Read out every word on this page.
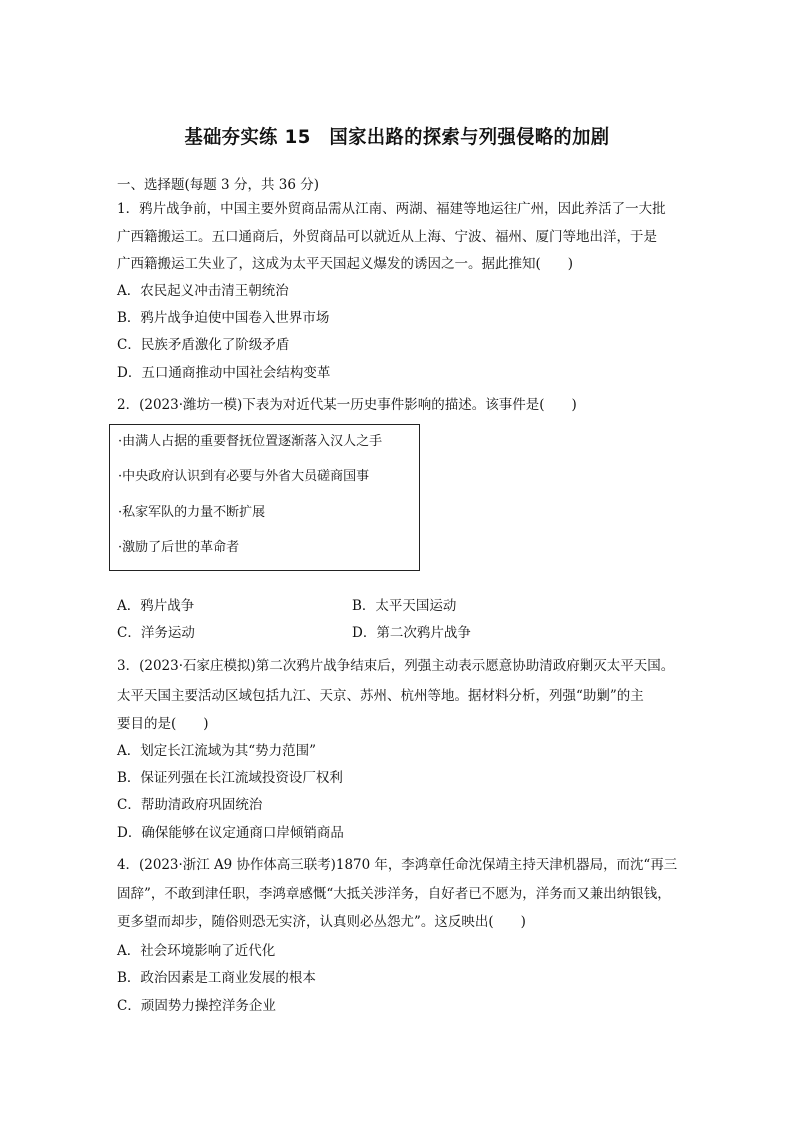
基础夯实练 15　国家出路的探索与列强侵略的加剧
一、选择题(每题 3 分，共 36 分)
1．鸦片战争前，中国主要外贸商品需从江南、两湖、福建等地运往广州，因此养活了一大批
广西籍搬运工。五口通商后，外贸商品可以就近从上海、宁波、福州、厦门等地出洋，于是
广西籍搬运工失业了，这成为太平天国起义爆发的诱因之一。据此推知(　　)
A．农民起义冲击清王朝统治
B．鸦片战争迫使中国卷入世界市场
C．民族矛盾激化了阶级矛盾
D．五口通商推动中国社会结构变革
2．(2023·潍坊一模)下表为对近代某一历史事件影响的描述。该事件是(　　)
·由满人占据的重要督抚位置逐渐落入汉人之手
·中央政府认识到有必要与外省大员磋商国事
·私家军队的力量不断扩展
·激励了后世的革命者
A．鸦片战争	B．太平天国运动
C．洋务运动	D．第二次鸦片战争
3．(2023·石家庄模拟)第二次鸦片战争结束后，列强主动表示愿意协助清政府剿灭太平天国。
太平天国主要活动区域包括九江、天京、苏州、杭州等地。据材料分析，列强“助剿”的主
要目的是(　　)
A．划定长江流域为其“势力范围”
B．保证列强在长江流域投资设厂权利
C．帮助清政府巩固统治
D．确保能够在议定通商口岸倾销商品
4．(2023·浙江 A9 协作体高三联考)1870 年，李鸿章任命沈保靖主持天津机器局，而沈“再三
固辞”，不敢到津任职，李鸿章感慨“大抵关涉洋务，自好者已不愿为，洋务而又兼出纳银钱，
更多望而却步，随俗则恐无实济，认真则必丛怨尤”。这反映出(　　)
A．社会环境影响了近代化
B．政治因素是工商业发展的根本
C．顽固势力操控洋务企业
